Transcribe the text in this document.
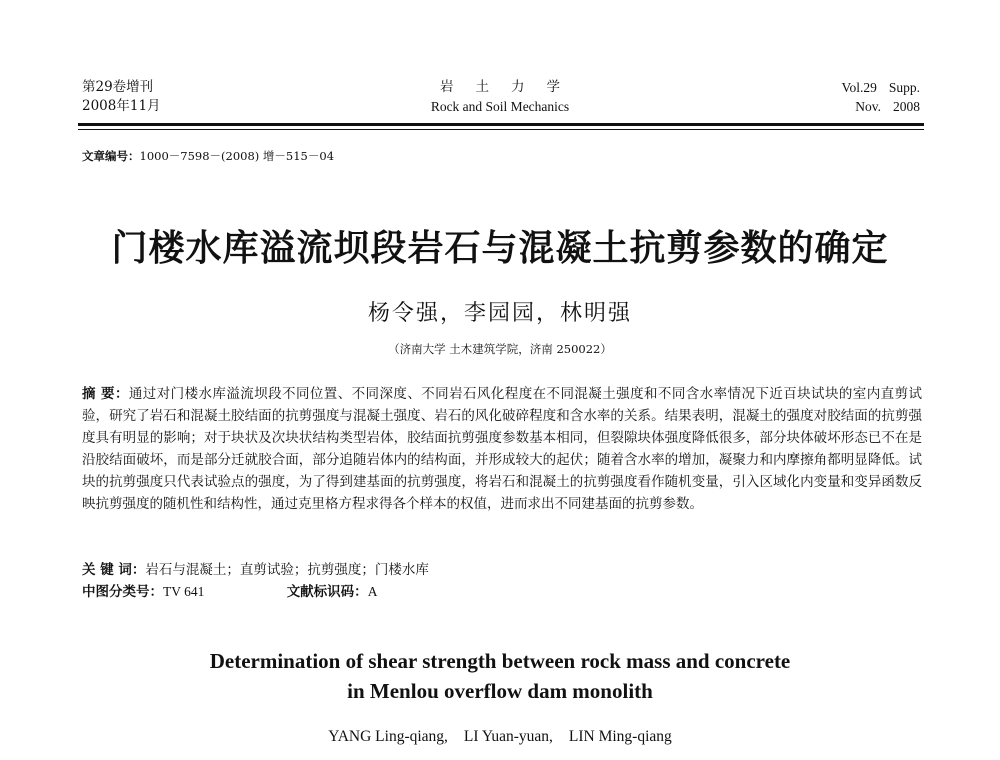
第29卷增刊
2008年11月
岩土力学
Rock and Soil Mechanics
Vol.29 Supp.
Nov. 2008
文章编号：1000－7598－(2008) 增－515－04
门楼水库溢流坝段岩石与混凝土抗剪参数的确定
杨令强，李园园，林明强
（济南大学 土木建筑学院，济南 250022）
摘 要：通过对门楼水库溢流坝段不同位置、不同深度、不同岩石风化程度在不同混凝土强度和不同含水率情况下近百块试块的室内直剪试验，研究了岩石和混凝土胶结面的抗剪强度与混凝土强度、岩石的风化破碎程度和含水率的关系。结果表明，混凝土的强度对胶结面的抗剪强度具有明显的影响；对于块状及次块状结构类型岩体，胶结面抗剪强度参数基本相同，但裂隙块体强度降低很多，部分块体破坏形态已不在是沿胶结面破坏，而是部分迁就胶合面，部分追随岩体内的结构面，并形成较大的起伏；随着含水率的增加，凝聚力和内摩擦角都明显降低。试块的抗剪强度只代表试验点的强度，为了得到建基面的抗剪强度，将岩石和混凝土的抗剪强度看作随机变量，引入区域化内变量和变异函数反映抗剪强度的随机性和结构性，通过克里格方程求得各个样本的权值，进而求出不同建基面的抗剪参数。
关 键 词：岩石与混凝土；直剪试验；抗剪强度；门楼水库
中图分类号：TV 641	文献标识码：A
Determination of shear strength between rock mass and concrete
in Menlou overflow dam monolith
YANG Ling-qiang, LI Yuan-yuan, LIN Ming-qiang
